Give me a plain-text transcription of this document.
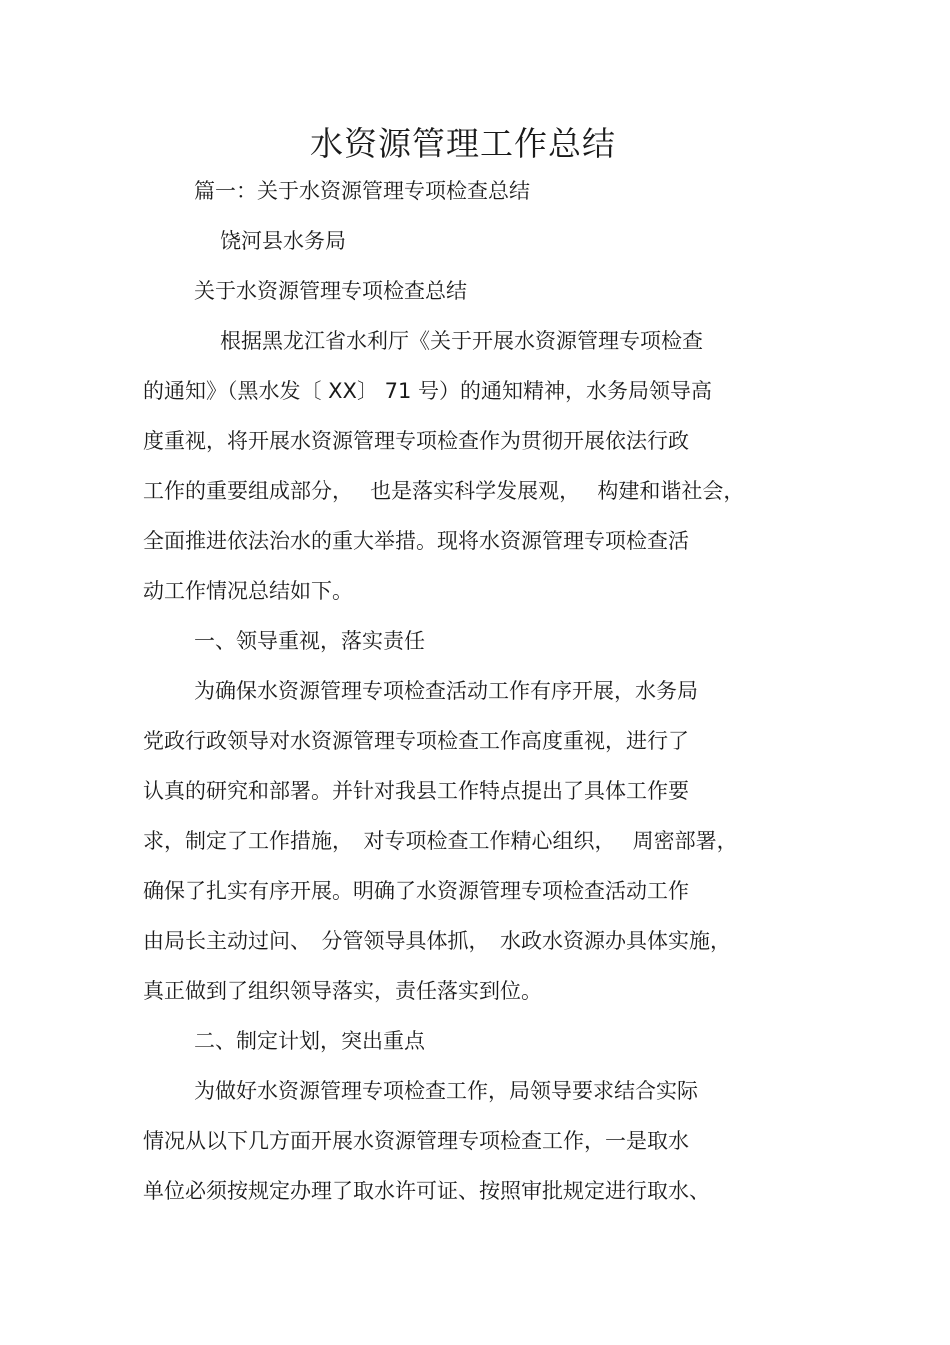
水资源管理工作总结
篇一：关于水资源管理专项检查总结
饶河县水务局
关于水资源管理专项检查总结
根据黑龙江省水利厅《关于开展水资源管理专项检查
的通知》（黑水发〔 XX〕 71 号）的通知精神，水务局领导高
度重视，将开展水资源管理专项检查作为贯彻开展依法行政
工作的重要组成部分，　 也是落实科学发展观，　 构建和谐社会，
全面推进依法治水的重大举措。现将水资源管理专项检查活
动工作情况总结如下。
一、领导重视，落实责任
为确保水资源管理专项检查活动工作有序开展，水务局
党政行政领导对水资源管理专项检查工作高度重视，进行了
认真的研究和部署。并针对我县工作特点提出了具体工作要
求，制定了工作措施，　对专项检查工作精心组织，　 周密部署，
确保了扎实有序开展。明确了水资源管理专项检查活动工作
由局长主动过问、　分管领导具体抓，　水政水资源办具体实施，
真正做到了组织领导落实，责任落实到位。
二、制定计划，突出重点
为做好水资源管理专项检查工作，局领导要求结合实际
情况从以下几方面开展水资源管理专项检查工作，一是取水
单位必须按规定办理了取水许可证、按照审批规定进行取水、
